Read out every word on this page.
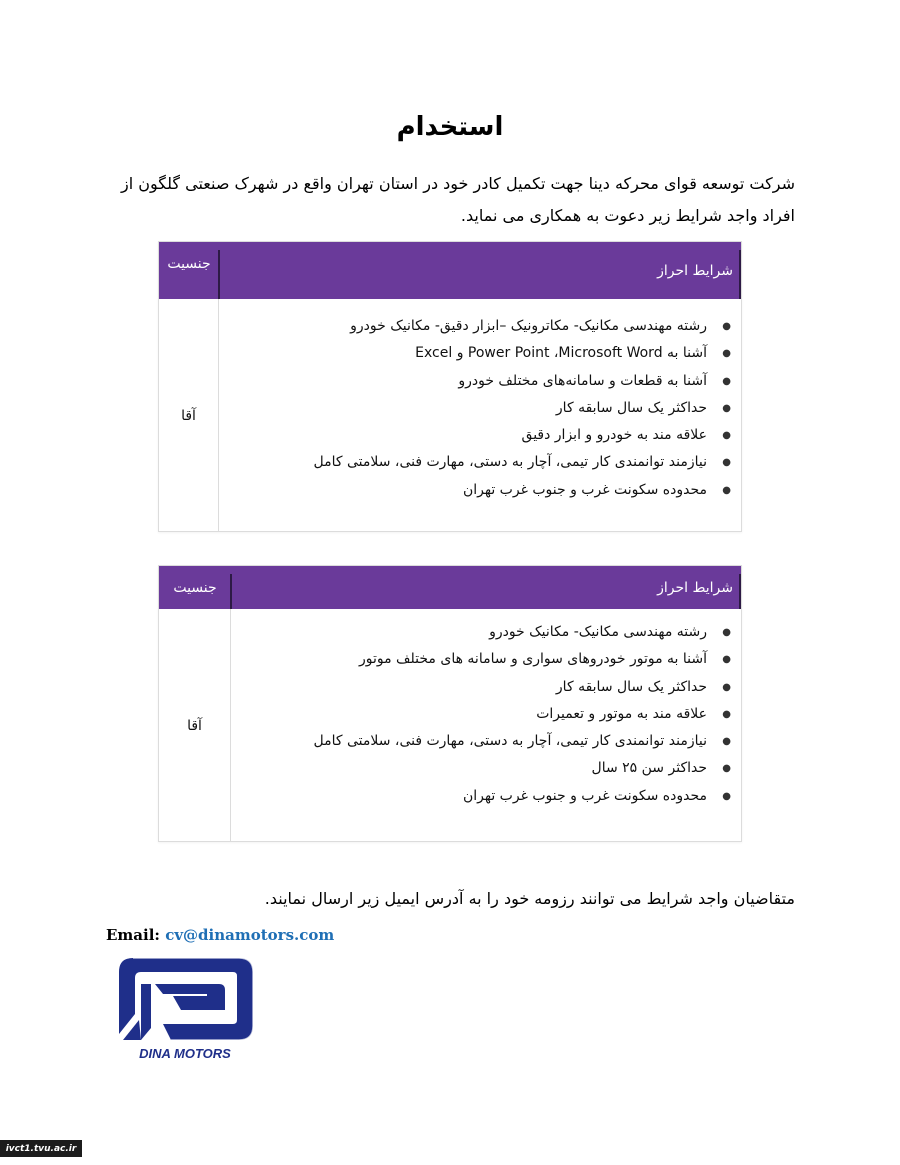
استخدام
شرکت توسعه قوای محرکه دینا جهت تکمیل کادر خود در استان تهران واقع در شهرک صنعتی گلگون از افراد واجد شرایط زیر دعوت به همکاری می نماید.
جنسیت	شرایط احراز
آقا
●
رشته مهندسی مکانیک- مکاترونیک –ابزار دقیق- مکانیک خودرو
●
آشنا به Power Point ،Microsoft Word و Excel
●
آشنا به قطعات و سامانه‌های مختلف خودرو
●
حداکثر یک سال سابقه کار
●
علاقه مند به خودرو و ابزار دقیق
●
نیازمند توانمندی کار تیمی، آچار به دستی، مهارت فنی، سلامتی کامل
●
محدوده سکونت غرب و جنوب غرب تهران
جنسیت	شرایط احراز
آقا
●
رشته مهندسی مکانیک- مکانیک خودرو
●
آشنا به موتور خودروهای سواری و سامانه های مختلف موتور
●
حداکثر یک سال سابقه کار
●
علاقه مند به موتور و تعمیرات
●
نیازمند توانمندی کار تیمی، آچار به دستی، مهارت فنی، سلامتی کامل
●
حداکثر سن ۲۵ سال
●
محدوده سکونت غرب و جنوب غرب تهران
متقاضیان واجد شرایط می توانند رزومه خود را به آدرس ایمیل زیر ارسال نمایند.
Email: cv@dinamotors.com
DINA MOTORS
ivct1.tvu.ac.ir
